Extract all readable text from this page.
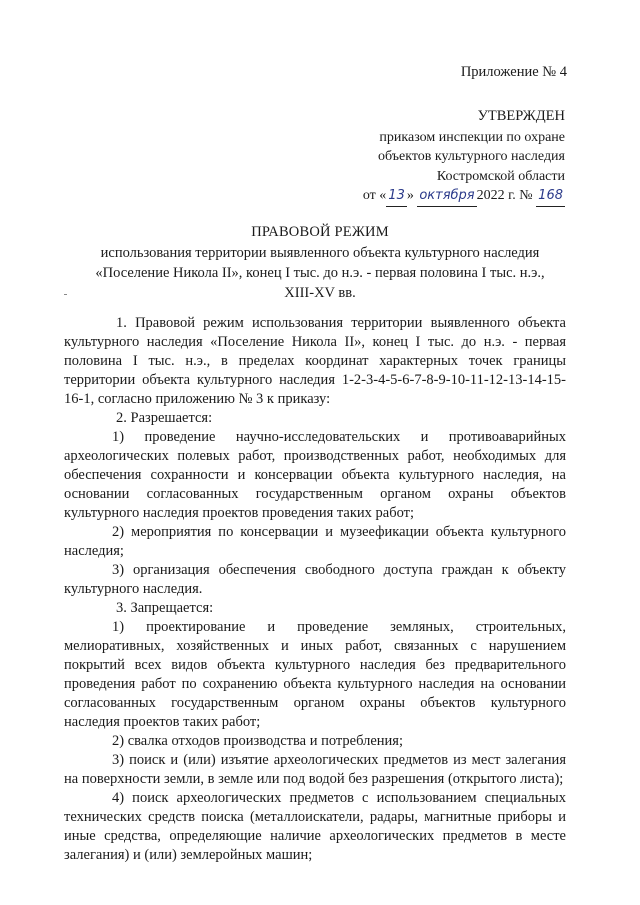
Приложение № 4
УТВЕРЖДЕН
приказом инспекции по охране
объектов культурного наследия
Костромской области
от « 13 » октября 2022 г. № 168
ПРАВОВОЙ РЕЖИМ
использования территории выявленного объекта культурного наследия
«Поселение Никола II», конец I тыс. до н.э. - первая половина I тыс. н.э.,
XIII-XV вв.

1. Правовой режим использования территории выявленного объекта культурного наследия «Поселение Никола II», конец I тыс. до н.э. - первая половина I тыс. н.э., в пределах координат характерных точек границы территории объекта культурного наследия 1-2-3-4-5-6-7-8-9-10-11-12-13-14-15-16-1, согласно приложению № 3 к приказу:

2. Разрешается:

1) проведение научно-исследовательских и противоаварийных археологических полевых работ, производственных работ, необходимых для обеспечения сохранности и консервации объекта культурного наследия, на основании согласованных государственным органом охраны объектов культурного наследия проектов проведения таких работ;

2) мероприятия по консервации и музеефикации объекта культурного наследия;

3) организация обеспечения свободного доступа граждан к объекту культурного наследия.

3. Запрещается:

1) проектирование и проведение земляных, строительных, мелиоративных, хозяйственных и иных работ, связанных с нарушением покрытий всех видов объекта культурного наследия без предварительного проведения работ по сохранению объекта культурного наследия на основании согласованных государственным органом охраны объектов культурного наследия проектов таких работ;

2) свалка отходов производства и потребления;

3) поиск и (или) изъятие археологических предметов из мест залегания на поверхности земли, в земле или под водой без разрешения (открытого листа);

4) поиск археологических предметов с использованием специальных технических средств поиска (металлоискатели, радары, магнитные приборы и иные средства, определяющие наличие археологических предметов в месте залегания) и (или) землеройных машин;
